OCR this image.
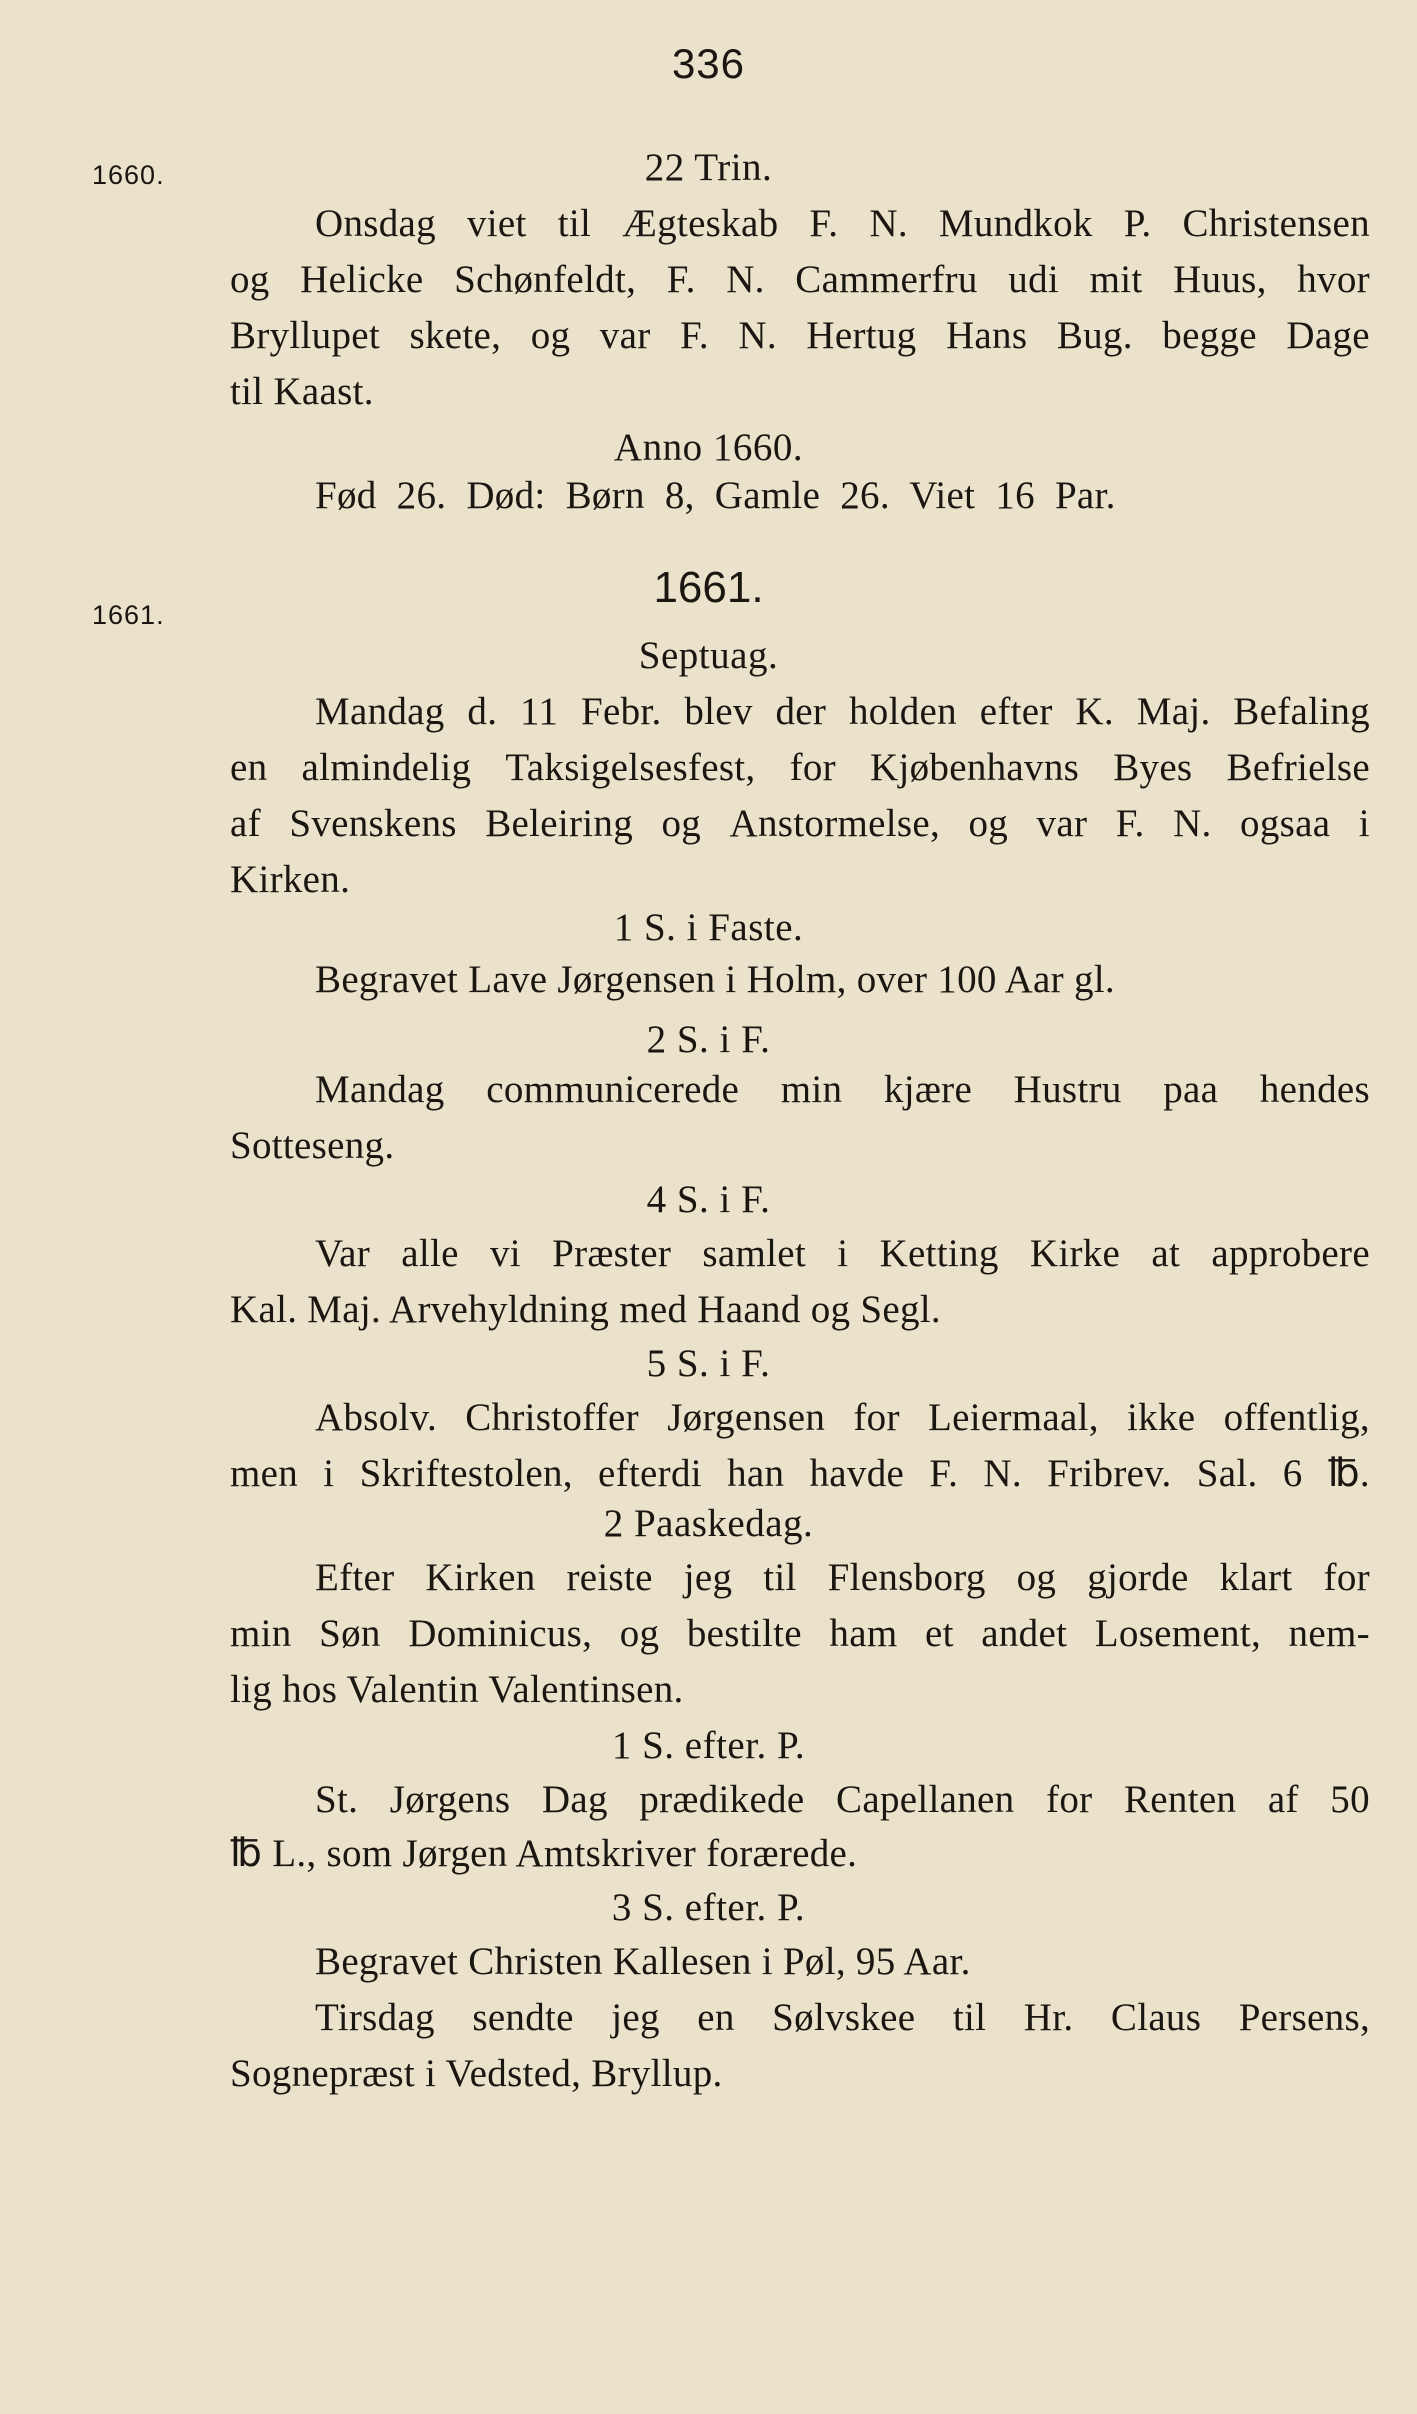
336
1660.
1661.
22 Trin.
Onsdag viet til Ægteskab F. N. Mundkok P. Christensen
og Helicke Schønfeldt, F. N. Cammerfru udi mit Huus, hvor
Bryllupet skete, og var F. N. Hertug Hans Bug. begge Dage
til Kaast.
Anno 1660.
Fød 26. Død: Børn 8, Gamle 26. Viet 16 Par.
1661.
Septuag.
Mandag d. 11 Febr. blev der holden efter K. Maj. Befaling
en almindelig Taksigelsesfest, for Kjøbenhavns Byes Befrielse
af Svenskens Beleiring og Anstormelse, og var F. N. ogsaa i
Kirken.
1 S. i Faste.
Begravet Lave Jørgensen i Holm, over 100 Aar gl.
2 S. i F.
Mandag communicerede min kjære Hustru paa hendes
Sotteseng.
4 S. i F.
Var alle vi Præster samlet i Ketting Kirke at approbere
Kal. Maj. Arvehyldning med Haand og Segl.
5 S. i F.
Absolv. Christoffer Jørgensen for Leiermaal, ikke offentlig,
men i Skriftestolen, efterdi han havde F. N. Fribrev. Sal. 6 ℔.
2 Paaskedag.
Efter Kirken reiste jeg til Flensborg og gjorde klart for
min Søn Dominicus, og bestilte ham et andet Losement, nem-
lig hos Valentin Valentinsen.
1 S. efter. P.
St. Jørgens Dag prædikede Capellanen for Renten af 50
℔ L., som Jørgen Amtskriver forærede.
3 S. efter. P.
Begravet Christen Kallesen i Pøl, 95 Aar.
Tirsdag sendte jeg en Sølvskee til Hr. Claus Persens,
Sognepræst i Vedsted, Bryllup.
